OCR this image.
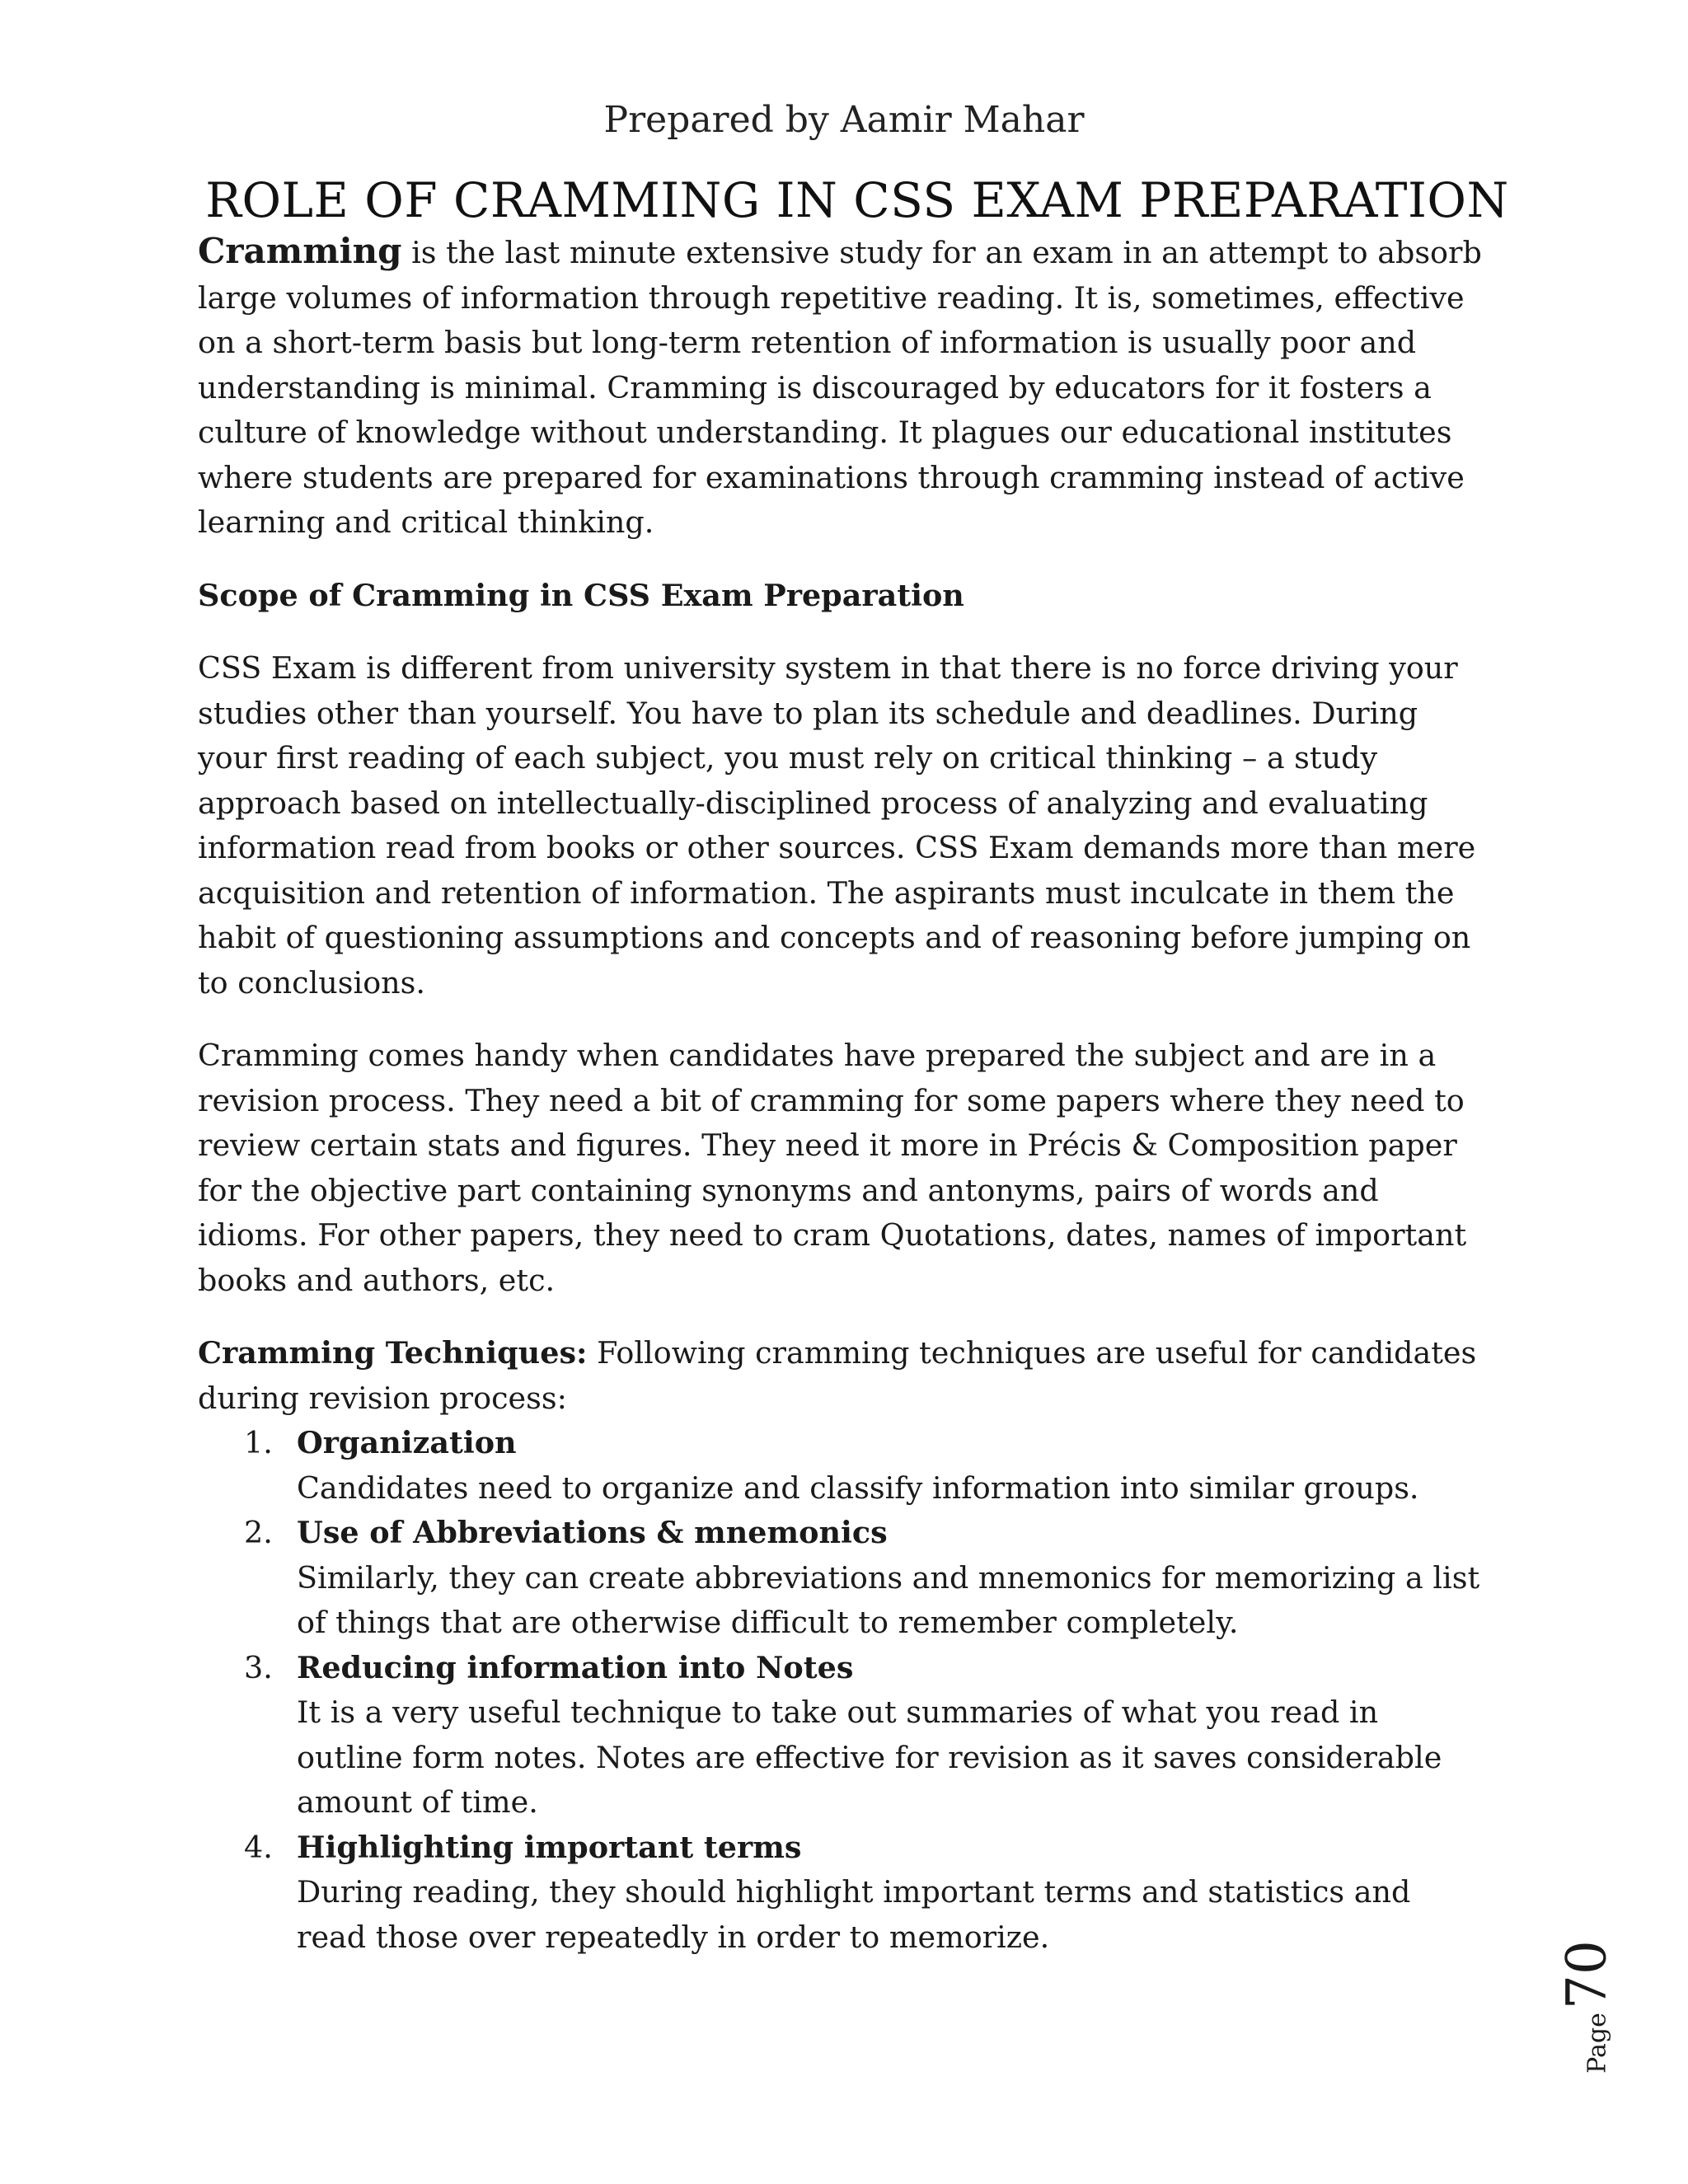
Prepared by Aamir Mahar
ROLE OF CRAMMING IN CSS EXAM PREPARATION

Cramming is the last minute extensive study for an exam in an attempt to absorb large volumes of information through repetitive reading. It is, sometimes, effective on a short-term basis but long-term retention of information is usually poor and understanding is minimal. Cramming is discouraged by educators for it fosters a culture of knowledge without understanding. It plagues our educational institutes where students are prepared for examinations through cramming instead of active learning and critical thinking.

Scope of Cramming in CSS Exam Preparation

CSS Exam is different from university system in that there is no force driving your studies other than yourself. You have to plan its schedule and deadlines. During your first reading of each subject, you must rely on critical thinking – a study approach based on intellectually-disciplined process of analyzing and evaluating information read from books or other sources. CSS Exam demands more than mere acquisition and retention of information. The aspirants must inculcate in them the habit of questioning assumptions and concepts and of reasoning before jumping on to conclusions.

Cramming comes handy when candidates have prepared the subject and are in a revision process. They need a bit of cramming for some papers where they need to review certain stats and figures. They need it more in Précis & Composition paper for the objective part containing synonyms and antonyms, pairs of words and idioms. For other papers, they need to cram Quotations, dates, names of important books and authors, etc.

Cramming Techniques: Following cramming techniques are useful for candidates during revision process:
1. Organization
Candidates need to organize and classify information into similar groups.
2. Use of Abbreviations & mnemonics
Similarly, they can create abbreviations and mnemonics for memorizing a list of things that are otherwise difficult to remember completely.
3. Reducing information into Notes
It is a very useful technique to take out summaries of what you read in outline form notes. Notes are effective for revision as it saves considerable amount of time.
4. Highlighting important terms
During reading, they should highlight important terms and statistics and read those over repeatedly in order to memorize.
Page70
